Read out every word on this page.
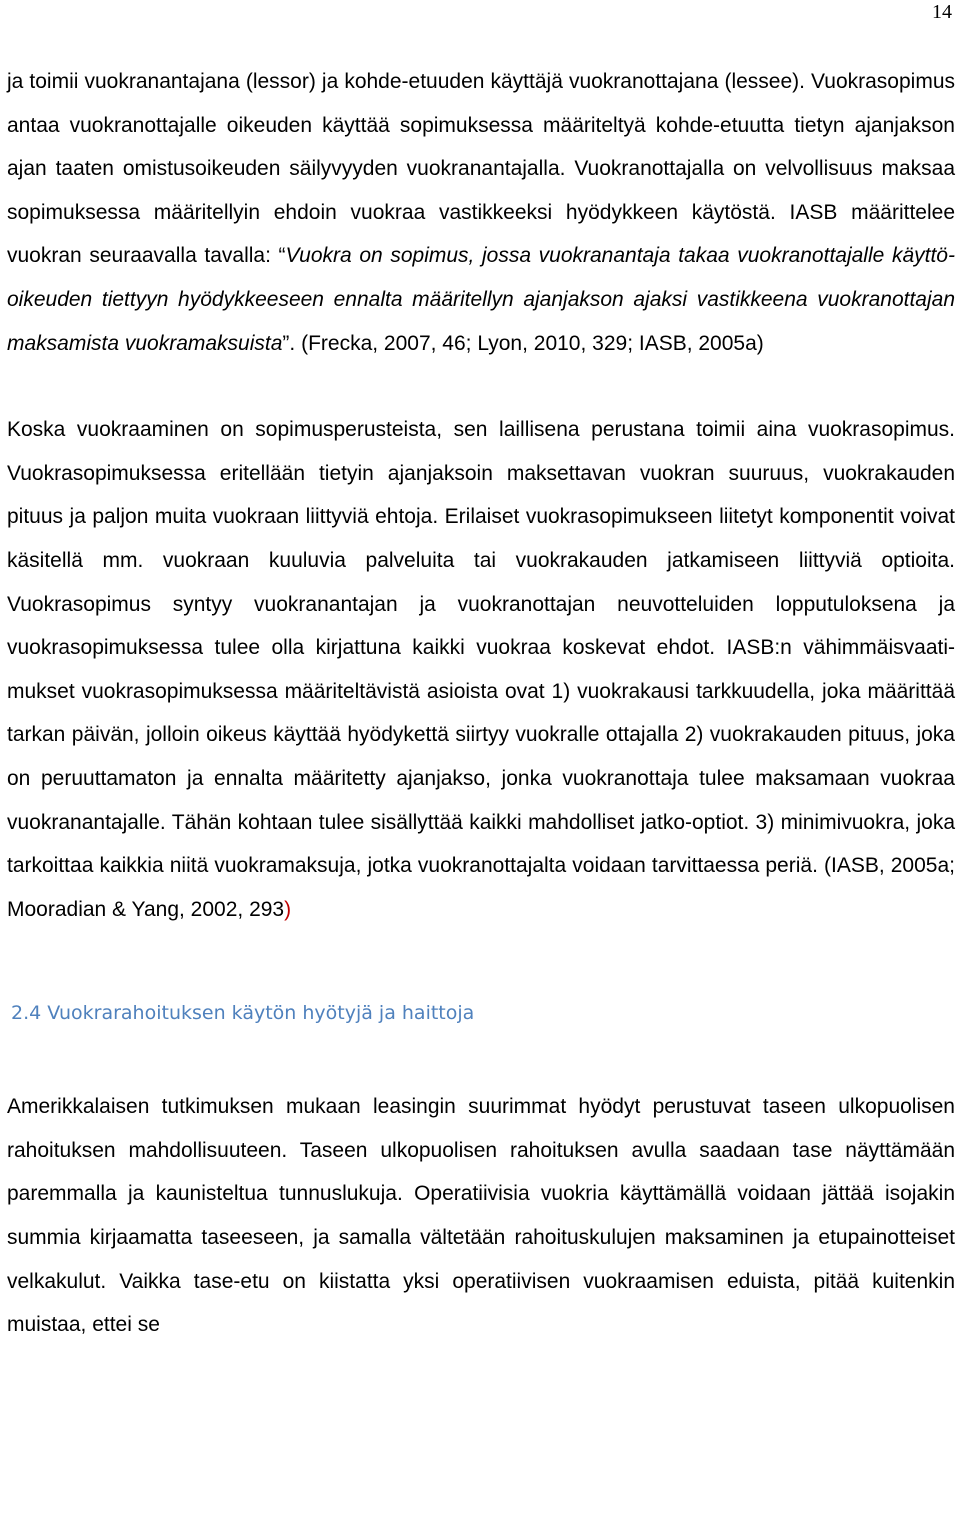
14

ja toimii vuokranantajana (lessor) ja kohde-etuuden käyttäjä vuokranottajana (lessee). Vuokrasopimus antaa vuokranottajalle oikeuden käyttää sopimuksessa määriteltyä kohde-etuutta tietyn ajanjakson ajan taaten omistusoikeuden säilyvyyden vuokranantajalla. Vuokranottajalla on velvollisuus maksaa sopimuksessa määritellyin ehdoin vuokraa vastikkeeksi hyödykkeen käytöstä. IASB määrittelee vuokran seuraavalla tavalla: “Vuokra on sopimus, jossa vuokranantaja takaa vuokranottajalle käyttöoikeuden tiettyyn hyödykkeeseen ennalta määritellyn ajanjakson ajaksi vastikkeena vuokranottajan maksamista vuokramaksuista”. (Frecka, 2007, 46; Lyon, 2010, 329; IASB, 2005a)

Koska vuokraaminen on sopimusperusteista, sen laillisena perustana toimii aina vuokrasopimus. Vuokrasopimuksessa eritellään tietyin ajanjaksoin maksettavan vuokran suuruus, vuokrakauden pituus ja paljon muita vuokraan liittyviä ehtoja. Erilaiset vuokrasopimukseen liitetyt komponentit voivat käsitellä mm. vuokraan kuuluvia palveluita tai vuokrakauden jatkamiseen liittyviä optioita. Vuokrasopimus syntyy vuokranantajan ja vuokranottajan neuvotteluiden lopputuloksena ja vuokrasopimuksessa tulee olla kirjattuna kaikki vuokraa koskevat ehdot. IASB:n vähimmäisvaatimukset vuokrasopimuksessa määriteltävistä asioista ovat 1) vuokrakausi tarkkuudella, joka määrittää tarkan päivän, jolloin oikeus käyttää hyödykettä siirtyy vuokralle ottajalla 2) vuokrakauden pituus, joka on peruuttamaton ja ennalta määritetty ajanjakso, jonka vuokranottaja tulee maksamaan vuokraa vuokranantajalle. Tähän kohtaan tulee sisällyttää kaikki mahdolliset jatko-optiot. 3) minimivuokra, joka tarkoittaa kaikkia niitä vuokramaksuja, jotka vuokranottajalta voidaan tarvittaessa periä. (IASB, 2005a; Mooradian & Yang, 2002, 293)

2.4 Vuokrarahoituksen käytön hyötyjä ja haittoja

Amerikkalaisen tutkimuksen mukaan leasingin suurimmat hyödyt perustuvat taseen ulkopuolisen rahoituksen mahdollisuuteen. Taseen ulkopuolisen rahoituksen avulla saadaan tase näyttämään paremmalla ja kaunisteltua tunnuslukuja. Operatiivisia vuokria käyttämällä voidaan jättää isojakin summia kirjaamatta taseeseen, ja samalla vältetään rahoituskulujen maksaminen ja etupainotteiset velkakulut. Vaikka tase-etu on kiistatta yksi operatiivisen vuokraamisen eduista, pitää kuitenkin muistaa, ettei se
